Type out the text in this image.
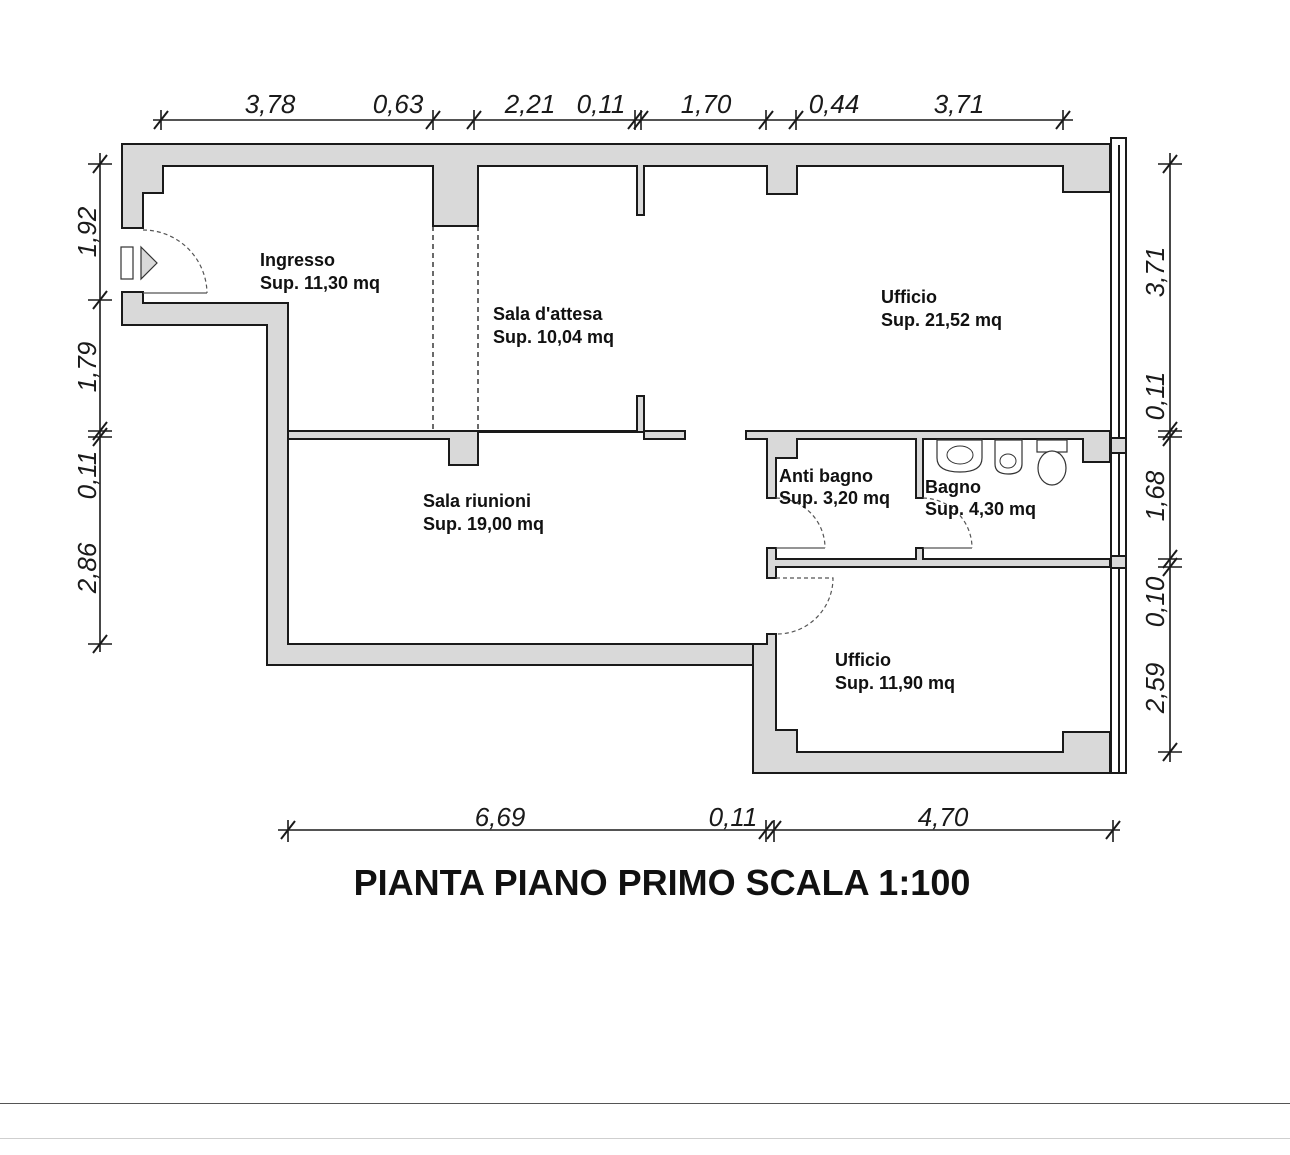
3,78	0,63	2,21 0,11 1,70	0,44	3,71
6,69	0,11	4,70
1,92
1,79
0,11
2,86
3,71
0,11
1,68
0,10
2,59
Ingresso
Sup. 11,30 mq
Sala d'attesa
Sup. 10,04 mq
Ufficio
Sup. 21,52 mq
Sala riunioni
Sup. 19,00 mq
Anti bagno
Sup. 3,20 mq
Bagno
Sup. 4,30 mq
Ufficio
Sup. 11,90 mq
PIANTA PIANO PRIMO SCALA 1:100
